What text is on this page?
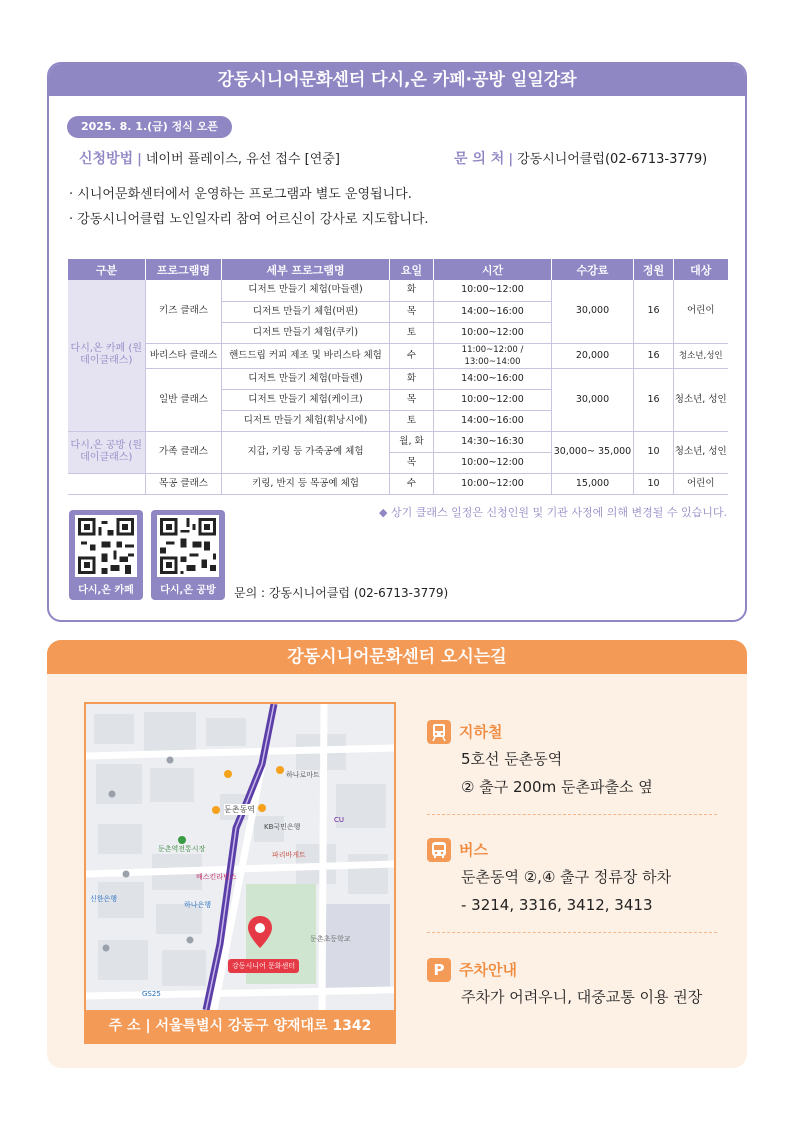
강동시니어문화센터 다시,온 카페·공방 일일강좌
2025. 8. 1.(금) 정식 오픈
신청방법 | 네이버 플레이스, 유선 접수 [연중]	문 의 처 | 강동시니어클럽(02-6713-3779)
· 시니어문화센터에서 운영하는 프로그램과 별도 운영됩니다.
· 강동시니어클럽 노인일자리 참여 어르신이 강사로 지도합니다.
구분	프로그램명	세부 프로그램명	요일	시간	수강료	정원	대상
다시,온 카페 (원데이클래스)	키즈 클래스	디저트 만들기 체험(마들렌)	화	10:00~12:00	30,000	16	어린이
		디저트 만들기 체험(머핀)	목	14:00~16:00			
		디저트 만들기 체험(쿠키)	토	10:00~12:00			
	바리스타 클래스	핸드드립 커피 제조 및 바리스타 체험	수	11:00~12:00 / 13:00~14:00	20,000	16	청소년,성인
	일반 클래스	디저트 만들기 체험(마들렌)	화	14:00~16:00	30,000	16	청소년, 성인
		디저트 만들기 체험(케이크)	목	10:00~12:00			
		디저트 만들기 체험(휘낭시에)	토	14:00~16:00			
다시,온 공방 (원데이클래스)	가족 클래스	지갑, 키링 등 가죽공예 체험	월, 화	14:30~16:30	30,000~ 35,000	10	청소년, 성인
			목	10:00~12:00			
	목공 클래스	키링, 반지 등 목공예 체험	수	10:00~12:00	15,000	10	어린이
◆ 상기 클래스 일정은 신청인원 및 기관 사정에 의해 변경될 수 있습니다.
다시,온 카페	다시,온 공방	문의 : 강동시니어클럽 (02-6713-3779)
강동시니어문화센터 오시는길
둔촌동역
KB국민은행
파리바게트
하나로마트
둔촌역전통시장
배스킨라빈스
하나은행
둔촌초등학교
신한은행
GS25
CU
강동시니어 문화센터
주 소 | 서울특별시 강동구 양재대로 1342
지하철
5호선 둔촌동역
② 출구 200m 둔촌파출소 옆
버스
둔촌동역 ②,④ 출구 정류장 하차
- 3214, 3316, 3412, 3413
P 주차안내
주차가 어려우니, 대중교통 이용 권장
